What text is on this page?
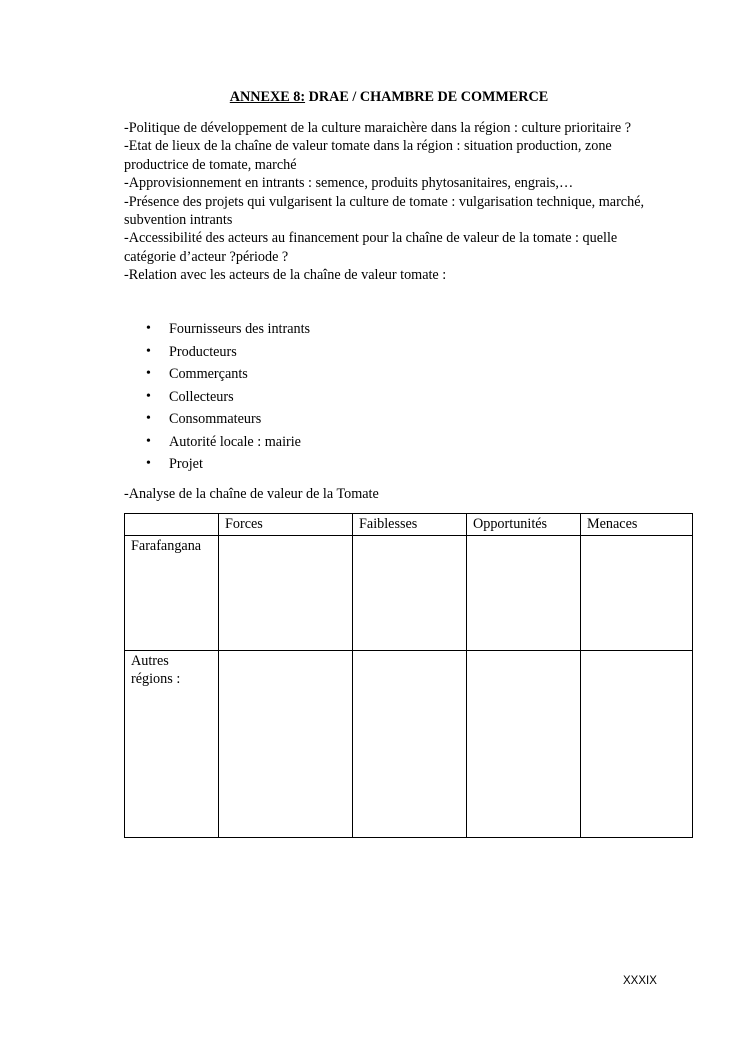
ANNEXE 8: DRAE / CHAMBRE DE COMMERCE

-Politique de développement de la culture maraichère dans la région : culture prioritaire ?

-Etat de lieux de la chaîne de valeur tomate dans la région : situation production, zone productrice de tomate, marché

-Approvisionnement en intrants : semence, produits phytosanitaires, engrais,…

-Présence des projets qui vulgarisent la culture de tomate : vulgarisation technique, marché, subvention intrants

-Accessibilité des acteurs au financement pour la chaîne de valeur de la tomate : quelle catégorie d’acteur ?période ?

-Relation avec les acteurs de la chaîne de valeur tomate :

• Fournisseurs des intrants
• Producteurs
• Commerçants
• Collecteurs
• Consommateurs
• Autorité locale : mairie
• Projet
-Analyse de la chaîne de valeur de la Tomate
	Forces	Faiblesses	Opportunités	Menaces
Farafangana				
Autres régions :				
XXXIX
